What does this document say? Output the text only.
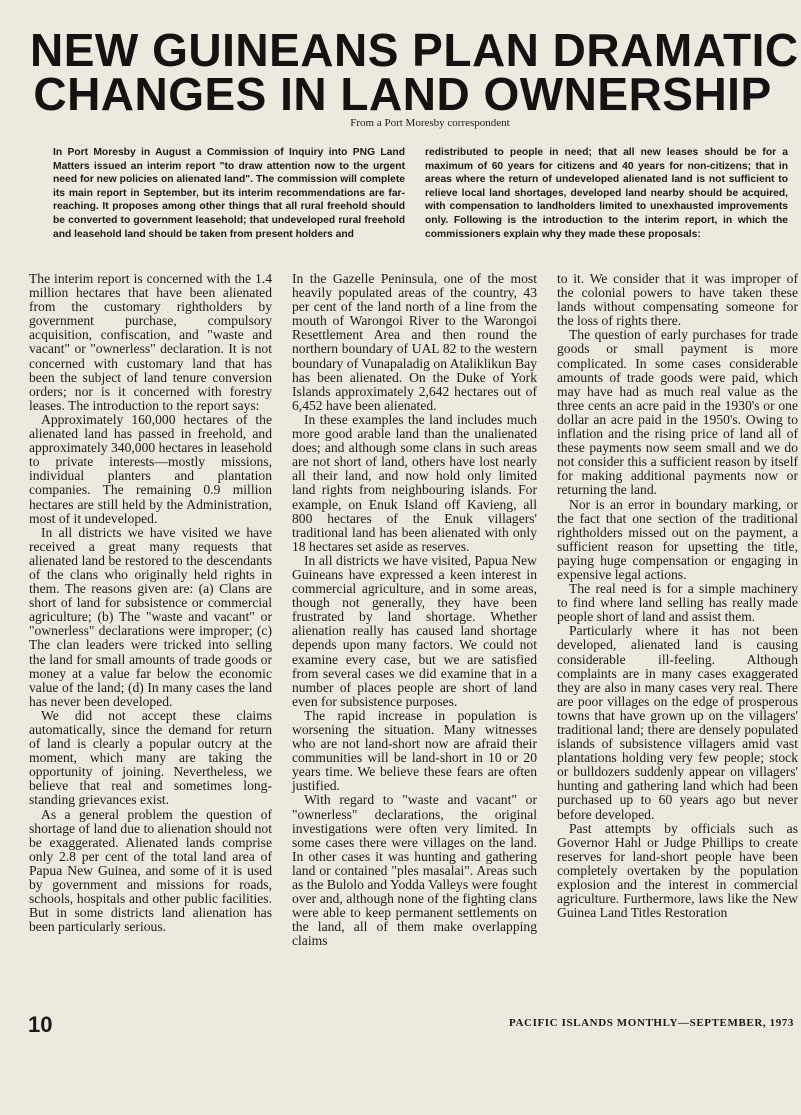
NEW GUINEANS PLAN DRAMATIC
CHANGES IN LAND OWNERSHIP
From a Port Moresby correspondent
In Port Moresby in August a Commission of Inquiry into PNG Land Matters issued an interim report "to draw attention now to the urgent need for new policies on alienated land". The commission will complete its main report in September, but its interim recommendations are far-reaching. It proposes among other things that all rural freehold should be converted to government leasehold; that undeveloped rural freehold and leasehold land should be taken from present holders and
redistributed to people in need; that all new leases should be for a maximum of 60 years for citizens and 40 years for non-citizens; that in areas where the return of undeveloped alienated land is not sufficient to relieve local land shortages, developed land nearby should be acquired, with compensation to landholders limited to unexhausted improvements only. Following is the introduction to the interim report, in which the commissioners explain why they made these proposals:

The interim report is concerned with the 1.4 million hectares that have been alienated from the customary rightholders by government purchase, compulsory acquisition, confiscation, and "waste and vacant" or "ownerless" declaration. It is not concerned with customary land that has been the subject of land tenure conversion orders; nor is it concerned with forestry leases. The introduction to the report says:

Approximately 160,000 hectares of the alienated land has passed in freehold, and approximately 340,000 hectares in leasehold to private interests—mostly missions, individual planters and plantation companies. The remaining 0.9 million hectares are still held by the Administration, most of it undeveloped.

In all districts we have visited we have received a great many requests that alienated land be restored to the descendants of the clans who originally held rights in them. The reasons given are: (a) Clans are short of land for subsistence or commercial agriculture; (b) The "waste and vacant" or "ownerless" declarations were improper; (c) The clan leaders were tricked into selling the land for small amounts of trade goods or money at a value far below the economic value of the land; (d) In many cases the land has never been developed.

We did not accept these claims automatically, since the demand for return of land is clearly a popular outcry at the moment, which many are taking the opportunity of joining. Nevertheless, we believe that real and sometimes long-standing grievances exist.

As a general problem the question of shortage of land due to alienation should not be exaggerated. Alienated lands comprise only 2.8 per cent of the total land area of Papua New Guinea, and some of it is used by government and missions for roads, schools, hospitals and other public facilities. But in some districts land alienation has been particularly serious.

In the Gazelle Peninsula, one of the most heavily populated areas of the country, 43 per cent of the land north of a line from the mouth of Warongoi River to the Warongoi Resettlement Area and then round the northern boundary of UAL 82 to the western boundary of Vunapaladig on Ataliklikun Bay has been alienated. On the Duke of York Islands approximately 2,642 hectares out of 6,452 have been alienated.

In these examples the land includes much more good arable land than the unalienated does; and although some clans in such areas are not short of land, others have lost nearly all their land, and now hold only limited land rights from neighbouring islands. For example, on Enuk Island off Kavieng, all 800 hectares of the Enuk villagers' traditional land has been alienated with only 18 hectares set aside as reserves.

In all districts we have visited, Papua New Guineans have expressed a keen interest in commercial agriculture, and in some areas, though not generally, they have been frustrated by land shortage. Whether alienation really has caused land shortage depends upon many factors. We could not examine every case, but we are satisfied from several cases we did examine that in a number of places people are short of land even for subsistence purposes.

The rapid increase in population is worsening the situation. Many witnesses who are not land-short now are afraid their communities will be land-short in 10 or 20 years time. We believe these fears are often justified.

With regard to "waste and vacant" or "ownerless" declarations, the original investigations were often very limited. In some cases there were villages on the land. In other cases it was hunting and gathering land or contained "ples masalai". Areas such as the Bulolo and Yodda Valleys were fought over and, although none of the fighting clans were able to keep permanent settlements on the land, all of them make overlapping claims

to it. We consider that it was improper of the colonial powers to have taken these lands without compensating someone for the loss of rights there.

The question of early purchases for trade goods or small payment is more complicated. In some cases considerable amounts of trade goods were paid, which may have had as much real value as the three cents an acre paid in the 1930's or one dollar an acre paid in the 1950's. Owing to inflation and the rising price of land all of these payments now seem small and we do not consider this a sufficient reason by itself for making additional payments now or returning the land.

Nor is an error in boundary marking, or the fact that one section of the traditional rightholders missed out on the payment, a sufficient reason for upsetting the title, paying huge compensation or engaging in expensive legal actions.

The real need is for a simple machinery to find where land selling has really made people short of land and assist them.

Particularly where it has not been developed, alienated land is causing considerable ill-feeling. Although complaints are in many cases exaggerated they are also in many cases very real. There are poor villages on the edge of prosperous towns that have grown up on the villagers' traditional land; there are densely populated islands of subsistence villagers amid vast plantations holding very few people; stock or bulldozers suddenly appear on villagers' hunting and gathering land which had been purchased up to 60 years ago but never before developed.

Past attempts by officials such as Governor Hahl or Judge Phillips to create reserves for land-short people have been completely overtaken by the population explosion and the interest in commercial agriculture. Furthermore, laws like the New Guinea Land Titles Restoration

10	PACIFIC ISLANDS MONTHLY—SEPTEMBER, 1973
